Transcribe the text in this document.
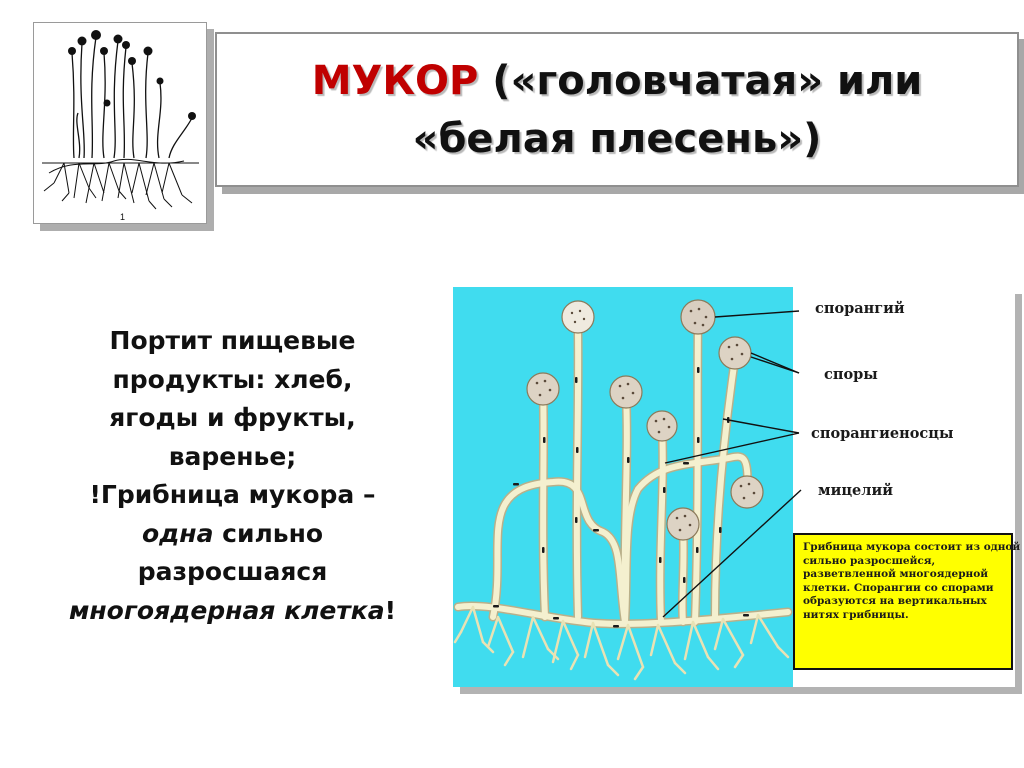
1
МУКОР («головчатая» или
«белая плесень»)
Портит пищевые
продукты: хлеб,
ягоды и фрукты,
варенье;
!Грибница мукора –
одна сильно
разросшаяся
многоядерная клетка!
спорангий
споры
спорангиеносцы
мицелий
Грибница мукора состоит из одной
сильно разросшейся,
разветвленной многоядерной
клетки. Спорангии со спорами
образуются на вертикальных
нитях грибницы.
